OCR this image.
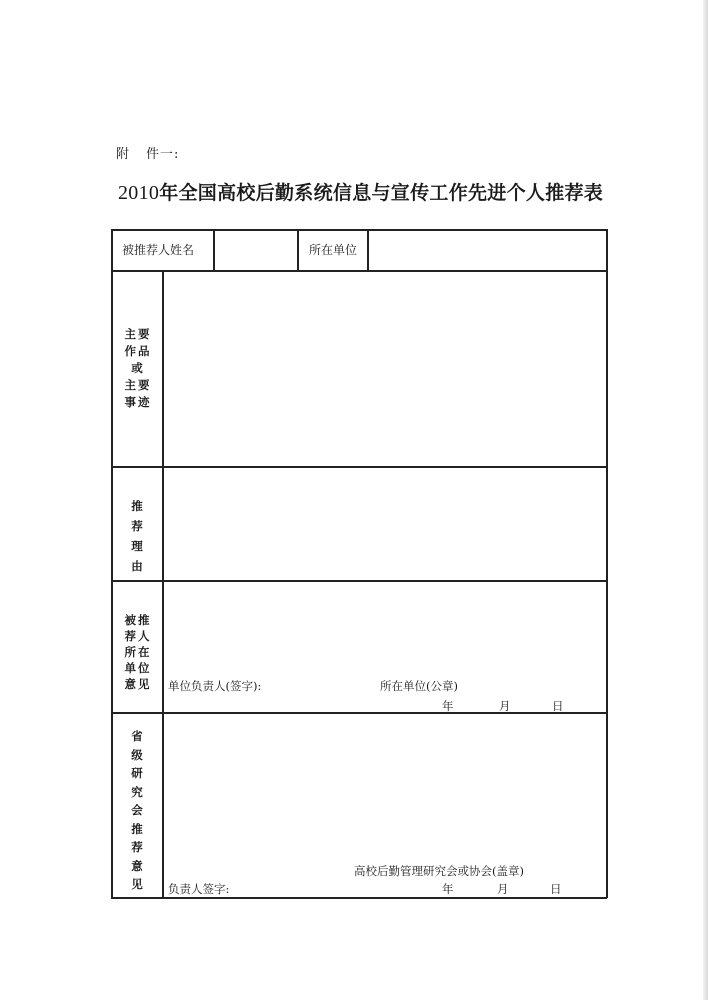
附 件一:
2010年全国高校后勤系统信息与宣传工作先进个人推荐表
被推荐人姓名	所在单位
主要
作品
或
主要
事迹
推
荐
理
由
被推
荐人
所在
单位
意见	单位负责人(签字):	所在单位(公章)
年	月	日
省
级
研
究
会
推
荐
意
见
高校后勤管理研究会或协会(盖章)
负责人签字:	年	月	日
